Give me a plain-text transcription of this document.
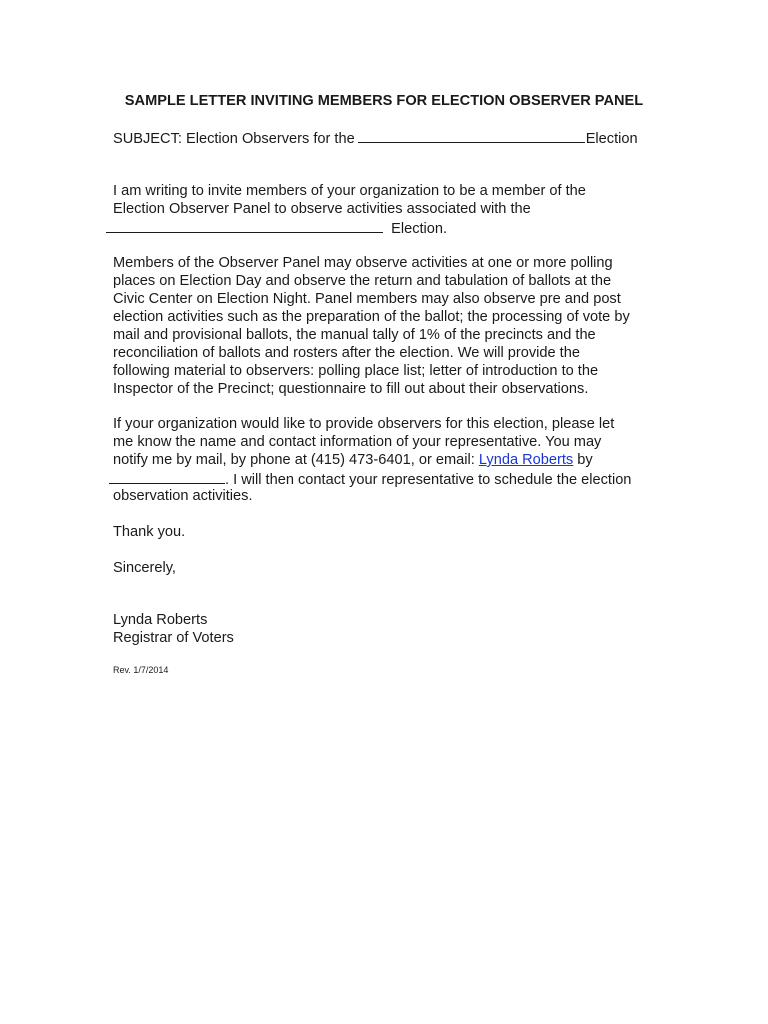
SAMPLE LETTER INVITING MEMBERS FOR ELECTION OBSERVER PANEL
SUBJECT: Election Observers for the	Election
I am writing to invite members of your organization to be a member of the
Election Observer Panel to observe activities associated with the
Election.
Members of the Observer Panel may observe activities at one or more polling
places on Election Day and observe the return and tabulation of ballots at the
Civic Center on Election Night. Panel members may also observe pre and post
election activities such as the preparation of the ballot; the processing of vote by
mail and provisional ballots, the manual tally of 1% of the precincts and the
reconciliation of ballots and rosters after the election. We will provide the
following material to observers: polling place list; letter of introduction to the
Inspector of the Precinct; questionnaire to fill out about their observations.
If your organization would like to provide observers for this election, please let
me know the name and contact information of your representative. You may
notify me by mail, by phone at (415) 473-6401, or email: Lynda Roberts by
. I will then contact your representative to schedule the election
observation activities.
Thank you.
Sincerely,
Lynda Roberts
Registrar of Voters
Rev. 1/7/2014
